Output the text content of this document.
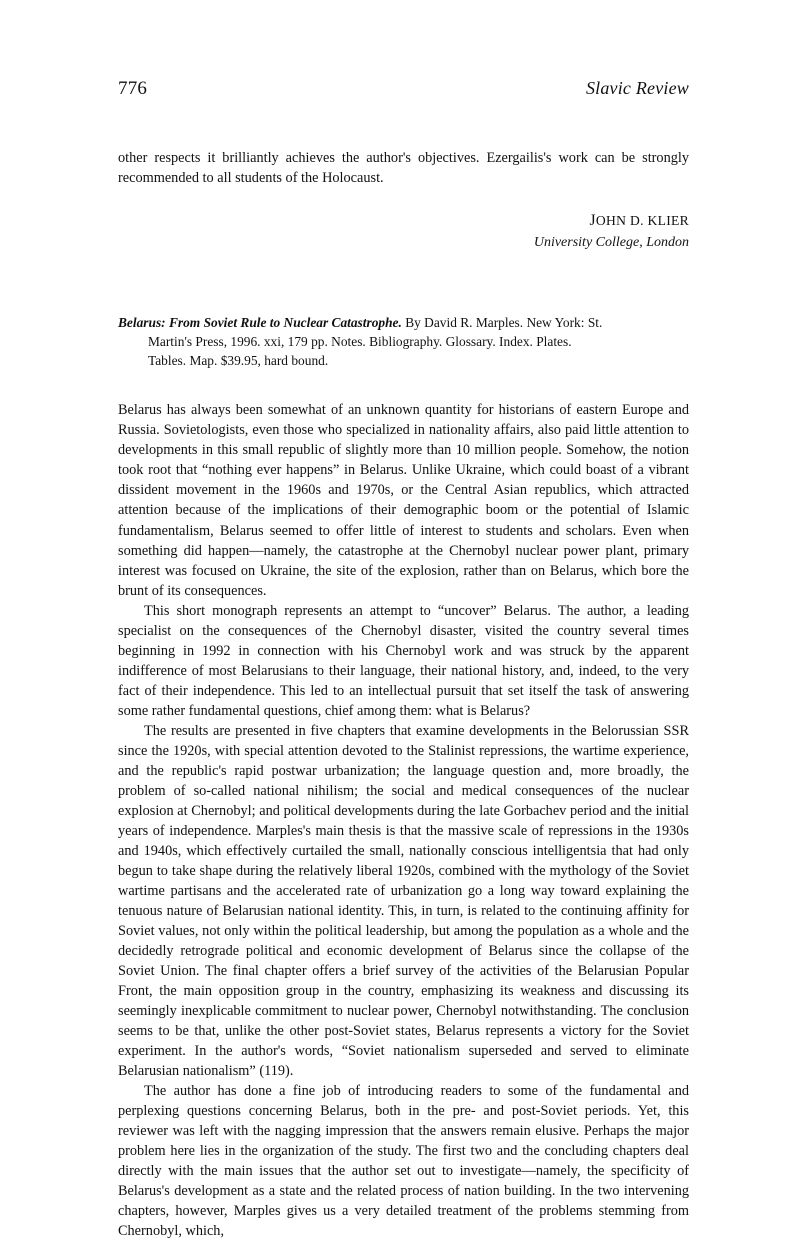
776	Slavic Review

other respects it brilliantly achieves the author's objectives. Ezergailis's work can be strongly recommended to all students of the Holocaust.

JOHN D. KLIER
University College, London
Belarus: From Soviet Rule to Nuclear Catastrophe. By David R. Marples. New York: St.
Martin's Press, 1996. xxi, 179 pp. Notes. Bibliography. Glossary. Index. Plates.
Tables. Map. $39.95, hard bound.

Belarus has always been somewhat of an unknown quantity for historians of eastern Europe and Russia. Sovietologists, even those who specialized in nationality affairs, also paid little attention to developments in this small republic of slightly more than 10 million people. Somehow, the notion took root that “nothing ever happens” in Belarus. Unlike Ukraine, which could boast of a vibrant dissident movement in the 1960s and 1970s, or the Central Asian republics, which attracted attention because of the implications of their demographic boom or the potential of Islamic fundamentalism, Belarus seemed to offer little of interest to students and scholars. Even when something did happen—namely, the catastrophe at the Chernobyl nuclear power plant, primary interest was focused on Ukraine, the site of the explosion, rather than on Belarus, which bore the brunt of its consequences.

This short monograph represents an attempt to “uncover” Belarus. The author, a leading specialist on the consequences of the Chernobyl disaster, visited the country several times beginning in 1992 in connection with his Chernobyl work and was struck by the apparent indifference of most Belarusians to their language, their national history, and, indeed, to the very fact of their independence. This led to an intellectual pursuit that set itself the task of answering some rather fundamental questions, chief among them: what is Belarus?

The results are presented in five chapters that examine developments in the Belorussian SSR since the 1920s, with special attention devoted to the Stalinist repressions, the wartime experience, and the republic's rapid postwar urbanization; the language question and, more broadly, the problem of so-called national nihilism; the social and medical consequences of the nuclear explosion at Chernobyl; and political developments during the late Gorbachev period and the initial years of independence. Marples's main thesis is that the massive scale of repressions in the 1930s and 1940s, which effectively curtailed the small, nationally conscious intelligentsia that had only begun to take shape during the relatively liberal 1920s, combined with the mythology of the Soviet wartime partisans and the accelerated rate of urbanization go a long way toward explaining the tenuous nature of Belarusian national identity. This, in turn, is related to the continuing affinity for Soviet values, not only within the political leadership, but among the population as a whole and the decidedly retrograde political and economic development of Belarus since the collapse of the Soviet Union. The final chapter offers a brief survey of the activities of the Belarusian Popular Front, the main opposition group in the country, emphasizing its weakness and discussing its seemingly inexplicable commitment to nuclear power, Chernobyl notwithstanding. The conclusion seems to be that, unlike the other post-Soviet states, Belarus represents a victory for the Soviet experiment. In the author's words, “Soviet nationalism superseded and served to eliminate Belarusian nationalism” (119).

The author has done a fine job of introducing readers to some of the fundamental and perplexing questions concerning Belarus, both in the pre- and post-Soviet periods. Yet, this reviewer was left with the nagging impression that the answers remain elusive. Perhaps the major problem here lies in the organization of the study. The first two and the concluding chapters deal directly with the main issues that the author set out to investigate—namely, the specificity of Belarus's development as a state and the related process of nation building. In the two intervening chapters, however, Marples gives us a very detailed treatment of the problems stemming from Chernobyl, which,
